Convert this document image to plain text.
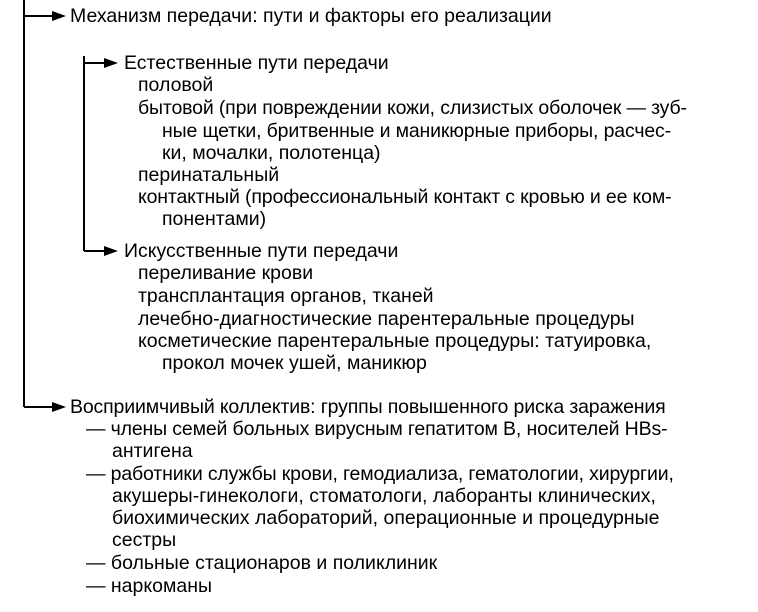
Механизм передачи: пути и факторы его реализации
Естественные пути передачи
половой
бытовой (при повреждении кожи, слизистых оболочек — зуб-
ные щетки, бритвенные и маникюрные приборы, расчес-
ки, мочалки, полотенца)
перинатальный
контактный (профессиональный контакт с кровью и ее ком-
понентами)
Искусственные пути передачи
переливание крови
трансплантация органов, тканей
лечебно-диагностические парентеральные процедуры
косметические парентеральные процедуры: татуировка,
прокол мочек ушей, маникюр
Восприимчивый коллектив: группы повышенного риска заражения
— члены семей больных вирусным гепатитом В, носителей HBs-
антигена
— работники службы крови, гемодиализа, гематологии, хирургии,
акушеры-гинекологи, стоматологи, лаборанты клинических,
биохимических лабораторий, операционные и процедурные
сестры
— больные стационаров и поликлиник
— наркоманы
